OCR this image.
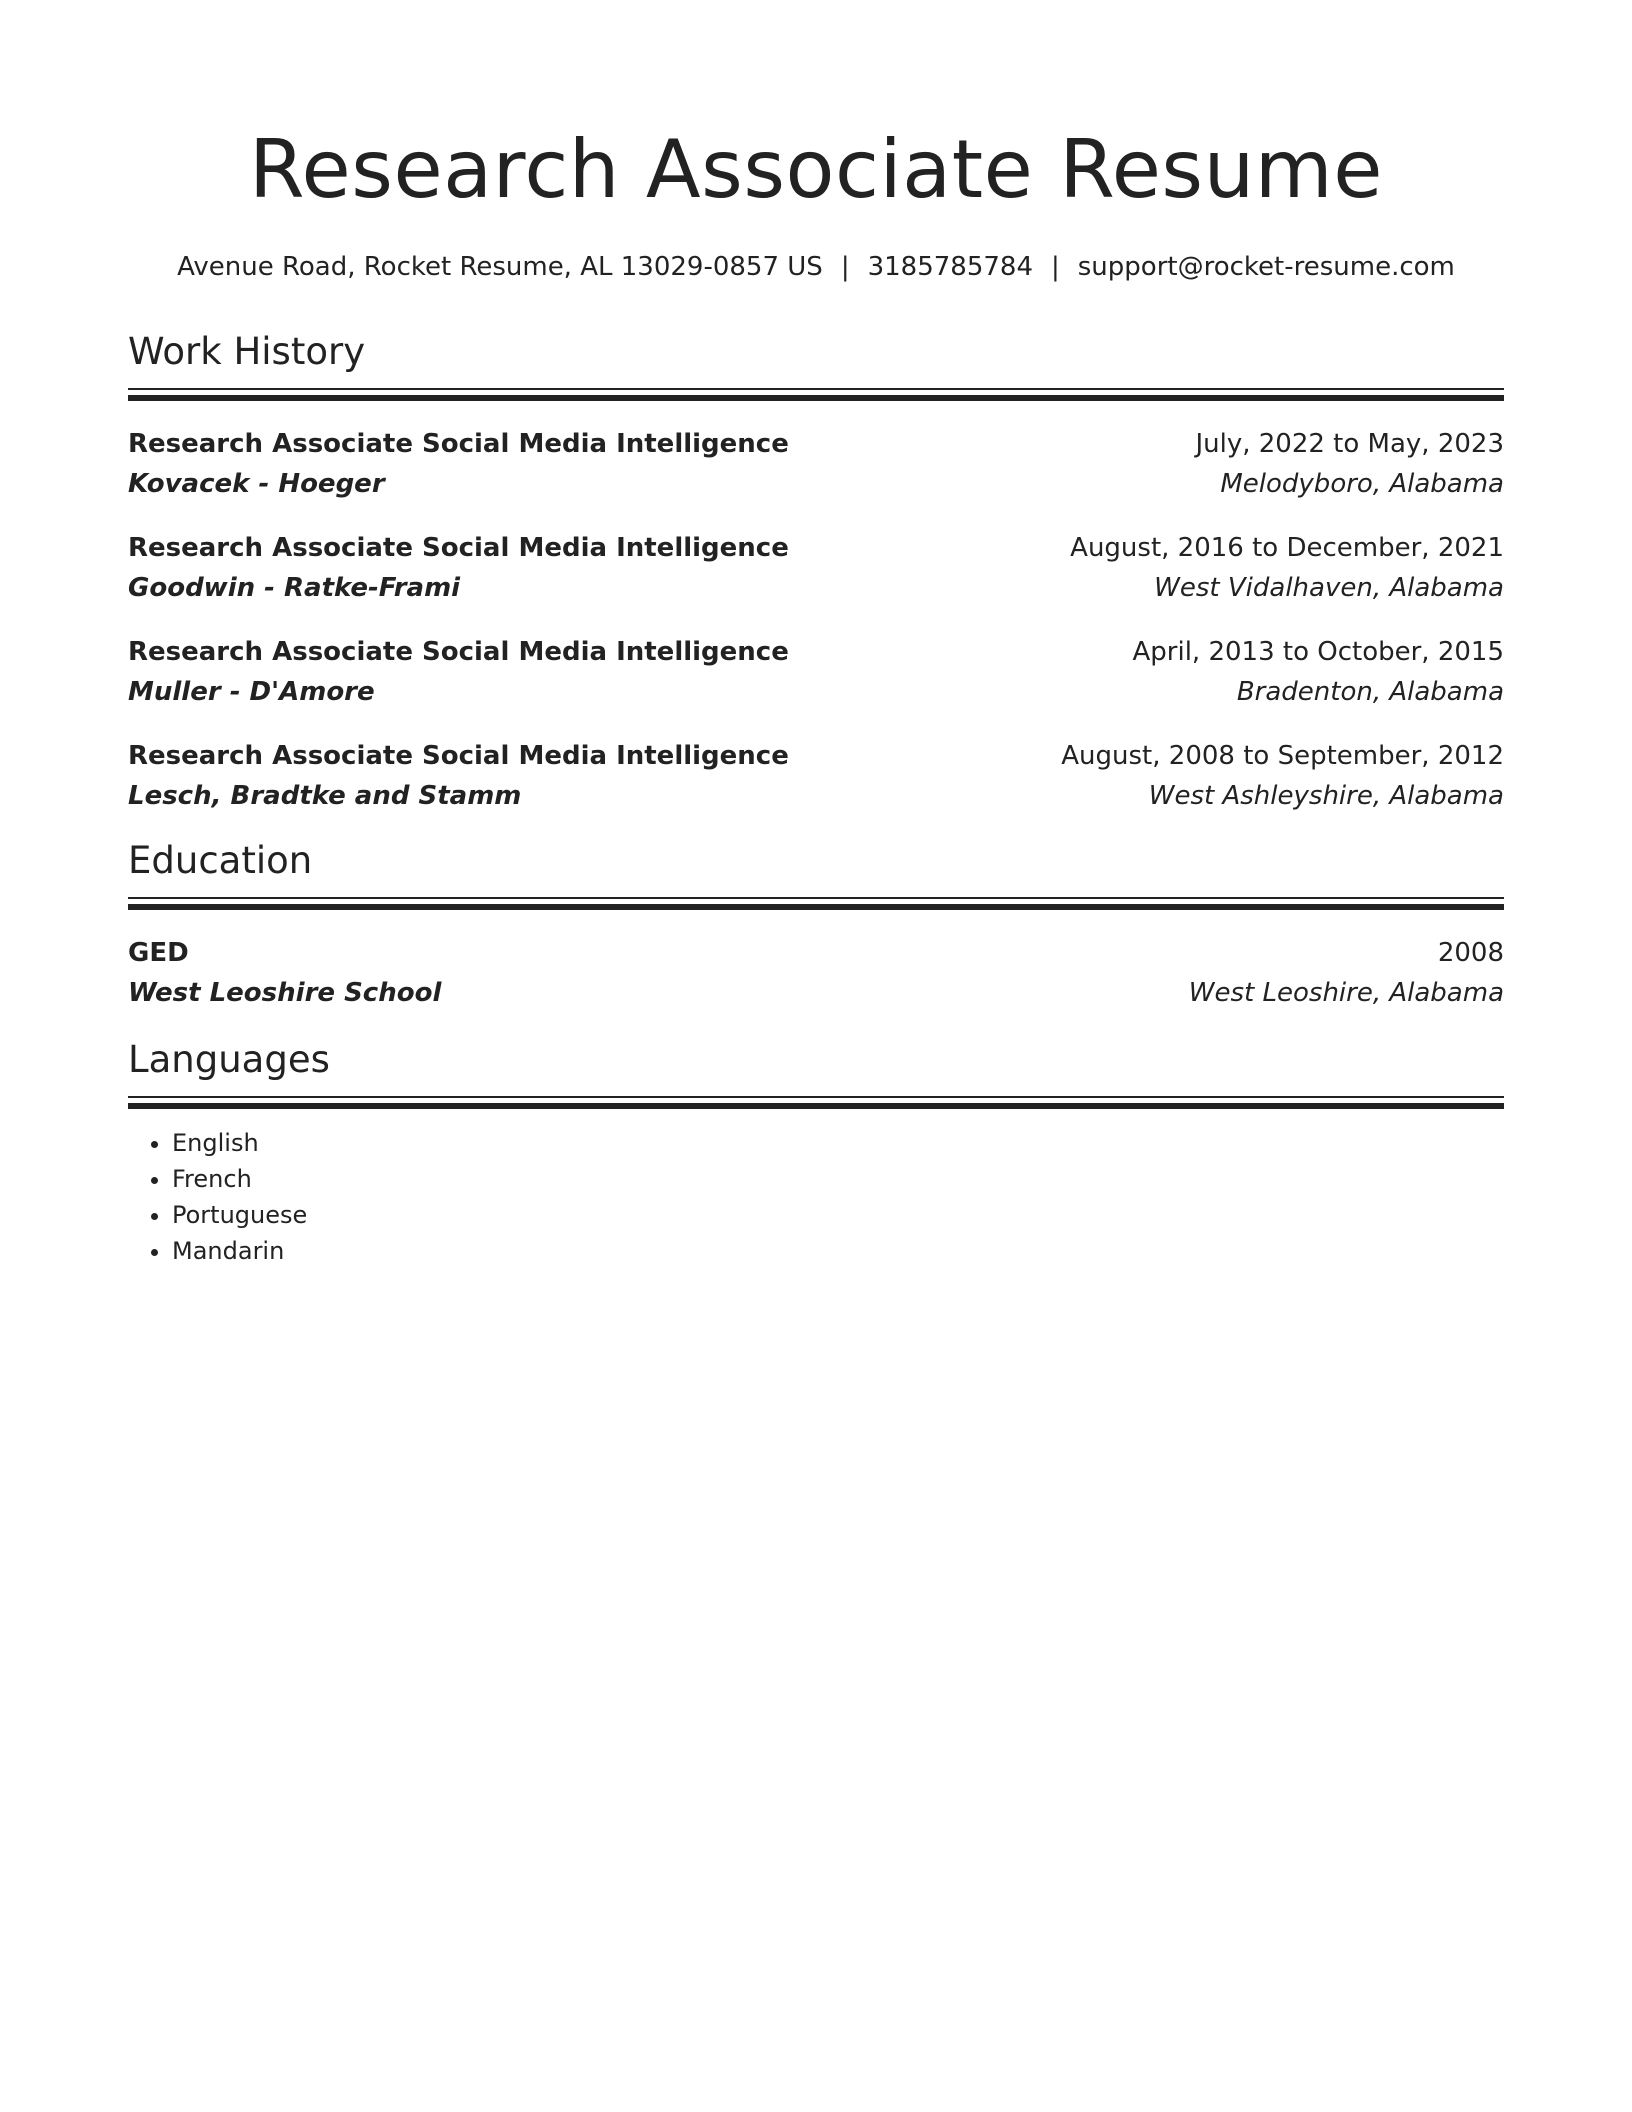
Research Associate Resume
Avenue Road, Rocket Resume, AL 13029-0857 US | 3185785784 | support@rocket-resume.com
Work History
Research Associate Social Media Intelligence	July, 2022 to May, 2023
Kovacek - Hoeger	Melodyboro, Alabama
Research Associate Social Media Intelligence	August, 2016 to December, 2021
Goodwin - Ratke-Frami	West Vidalhaven, Alabama
Research Associate Social Media Intelligence	April, 2013 to October, 2015
Muller - D'Amore	Bradenton, Alabama
Research Associate Social Media Intelligence	August, 2008 to September, 2012
Lesch, Bradtke and Stamm	West Ashleyshire, Alabama
Education
GED	2008
West Leoshire School	West Leoshire, Alabama
Languages
• English
• French
• Portuguese
• Mandarin
